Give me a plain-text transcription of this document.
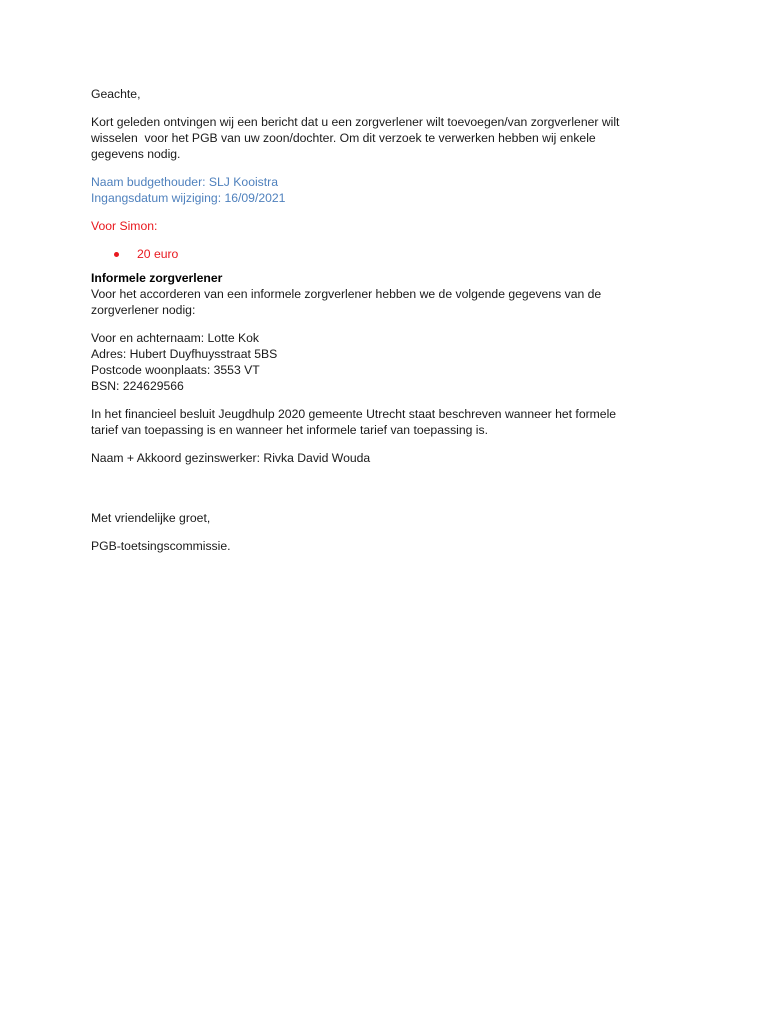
Geachte,

Kort geleden ontvingen wij een bericht dat u een zorgverlener wilt toevoegen/van zorgverlener wilt

wisselen  voor het PGB van uw zoon/dochter. Om dit verzoek te verwerken hebben wij enkele

gegevens nodig.

Naam budgethouder: SLJ Kooistra

Ingangsdatum wijziging: 16/09/2021

Voor Simon:

20 euro

Informele zorgverlener

Voor het accorderen van een informele zorgverlener hebben we de volgende gegevens van de

zorgverlener nodig:

Voor en achternaam: Lotte Kok

Adres: Hubert Duyfhuysstraat 5BS

Postcode woonplaats: 3553 VT

BSN: 224629566

In het financieel besluit Jeugdhulp 2020 gemeente Utrecht staat beschreven wanneer het formele

tarief van toepassing is en wanneer het informele tarief van toepassing is.

Naam + Akkoord gezinswerker: Rivka David Wouda

Met vriendelijke groet,

PGB-toetsingscommissie.
